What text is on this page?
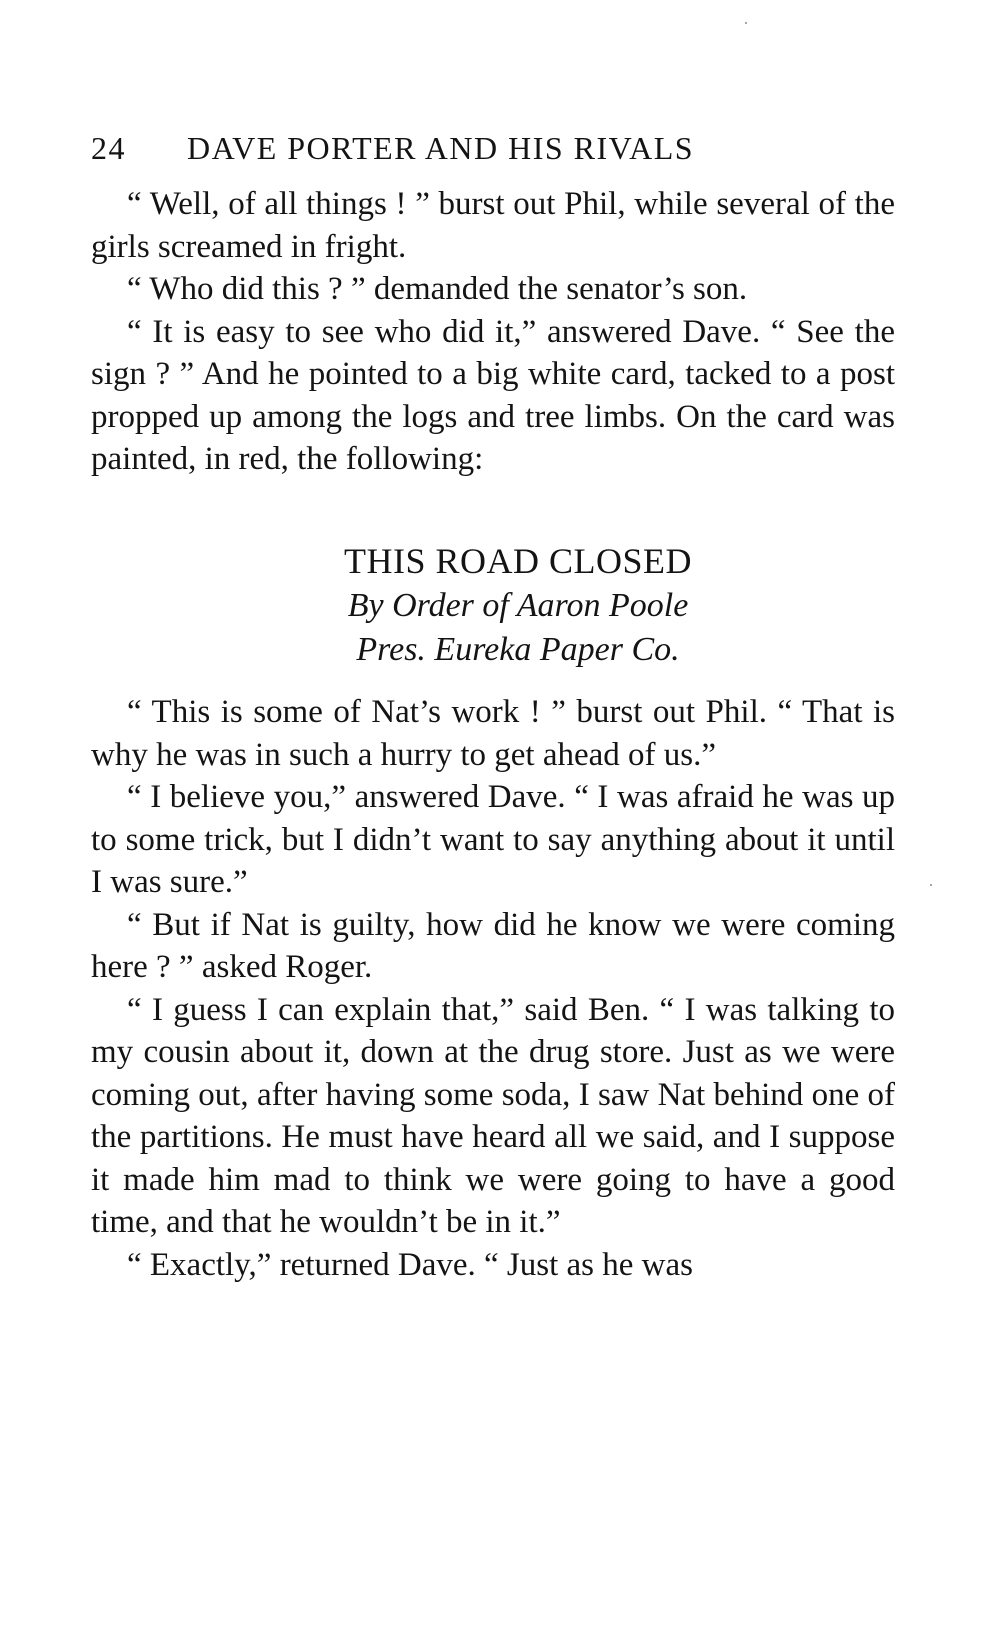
24 DAVE PORTER AND HIS RIVALS

“ Well, of all things ! ” burst out Phil, while several of the girls screamed in fright.

“ Who did this ? ” demanded the senator’s son.

“ It is easy to see who did it,” answered Dave. “ See the sign ? ” And he pointed to a big white card, tacked to a post propped up among the logs and tree limbs. On the card was painted, in red, the following:

THIS ROAD CLOSED
By Order of Aaron Poole
Pres. Eureka Paper Co.

“ This is some of Nat’s work ! ” burst out Phil. “ That is why he was in such a hurry to get ahead of us.”

“ I believe you,” answered Dave. “ I was afraid he was up to some trick, but I didn’t want to say anything about it until I was sure.”

“ But if Nat is guilty, how did he know we were coming here ? ” asked Roger.

“ I guess I can explain that,” said Ben. “ I was talking to my cousin about it, down at the drug store. Just as we were coming out, after having some soda, I saw Nat behind one of the partitions. He must have heard all we said, and I suppose it made him mad to think we were going to have a good time, and that he wouldn’t be in it.”

“ Exactly,” returned Dave. “ Just as he was
